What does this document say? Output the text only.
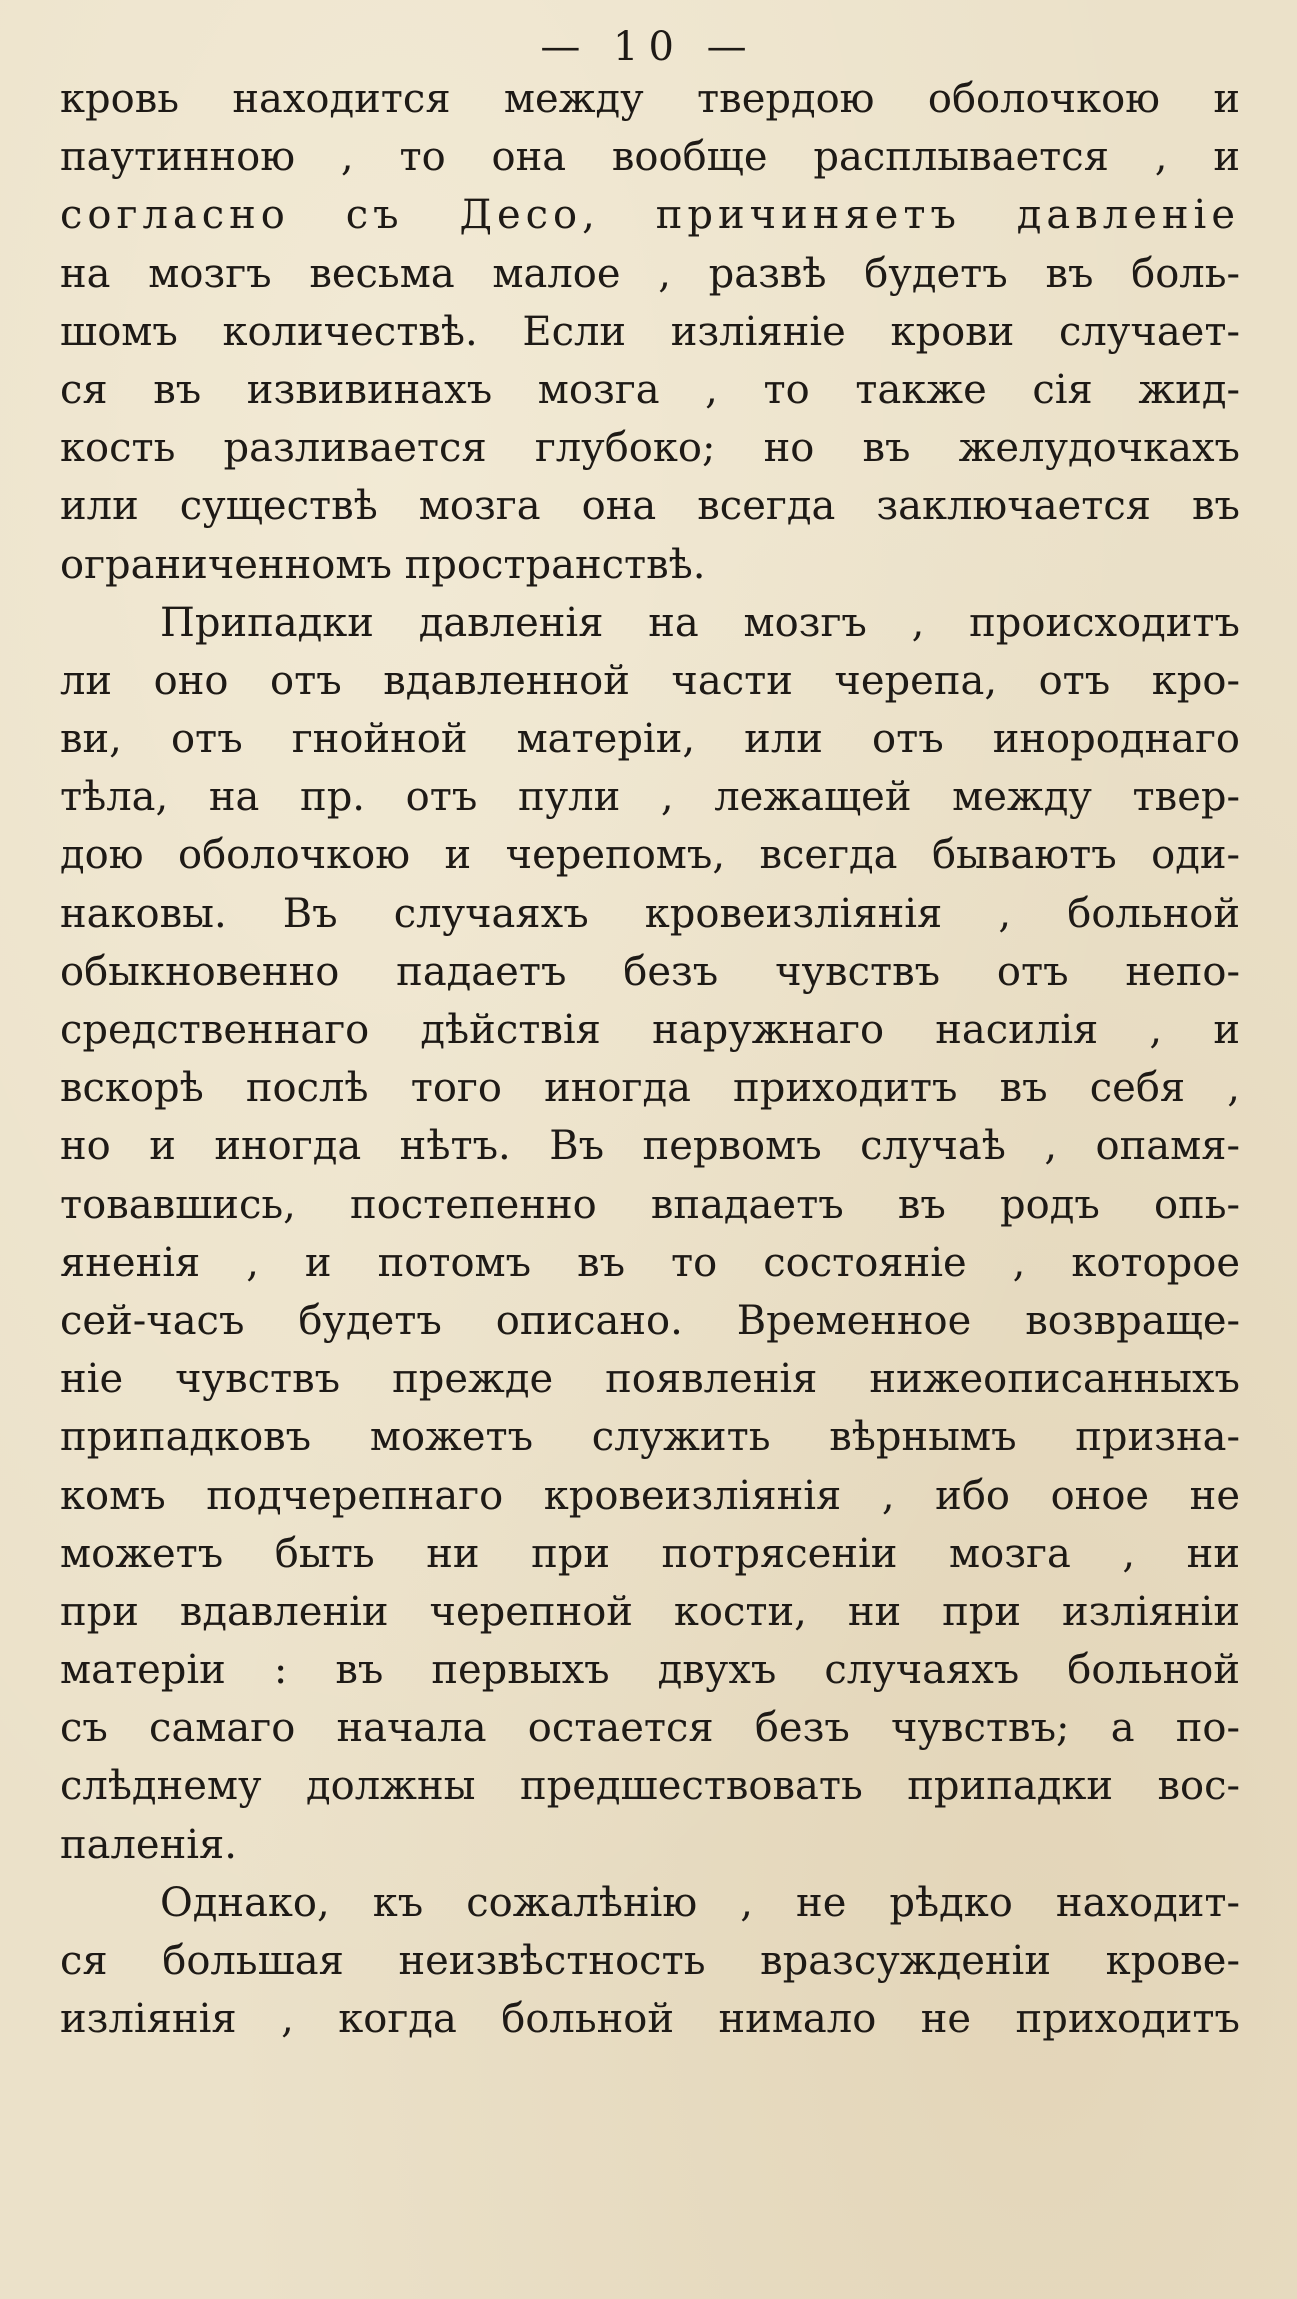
— 10 —
кровь находится между твердою оболочкою и
паутинною , то она вообще расплывается , и
согласно съ Десо, причиняетъ давленіе
на мозгъ весьма малое , развѣ будетъ въ боль-
шомъ количествѣ. Если изліяніе крови случает-
ся въ извивинахъ мозга , то также сія жид-
кость разливается глубоко; но въ желудочкахъ
или существѣ мозга она всегда заключается въ
ограниченномъ пространствѣ.
Припадки давленія на мозгъ , происходитъ
ли оно отъ вдавленной части черепа, отъ кро-
ви, отъ гнойной матеріи, или отъ инороднаго
тѣла, на пр. отъ пули , лежащей между твер-
дою оболочкою и черепомъ, всегда бываютъ оди-
наковы. Въ случаяхъ кровеизліянія , больной
обыкновенно падаетъ безъ чувствъ отъ непо-
средственнаго дѣйствія наружнаго насилія , и
вскорѣ послѣ того иногда приходитъ въ себя ,
но и иногда нѣтъ. Въ первомъ случаѣ , опамя-
товавшись, постепенно впадаетъ въ родъ опь-
яненія , и потомъ въ то состояніе , которое
сей-часъ будетъ описано. Временное возвраще-
ніе чувствъ прежде появленія нижеописанныхъ
припадковъ можетъ служить вѣрнымъ призна-
комъ подчерепнаго кровеизліянія , ибо оное не
можетъ быть ни при потрясеніи мозга , ни
при вдавленіи черепной кости, ни при изліяніи
матеріи : въ первыхъ двухъ случаяхъ больной
съ самаго начала остается безъ чувствъ; а по-
слѣднему должны предшествовать припадки вос-
паленія.
Однако, къ сожалѣнію , не рѣдко находит-
ся большая неизвѣстность вразсужденіи крове-
изліянія , когда больной нимало не приходитъ
